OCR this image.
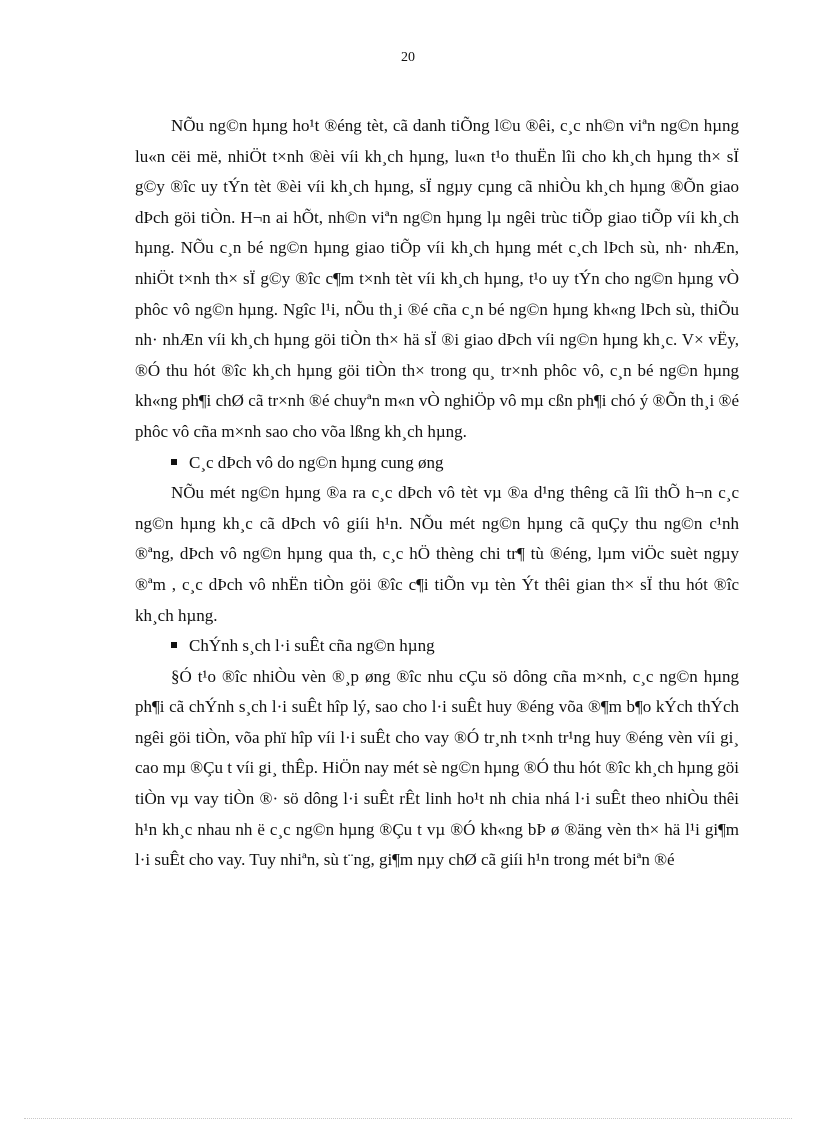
20

NÕu ng©n hµng ho¹t ®éng tèt, cã danh tiÕng l©u ®êi, c¸c nh©n viªn ng©n hµng lu«n cëi më, nhiÖt t×nh ®èi víi kh¸ch hµng, lu«n t¹o thuËn lîi cho kh¸ch hµng th× sÏ g©y ®îc uy tÝn tèt ®èi víi kh¸ch hµng, sÏ ngµy cµng cã nhiÒu kh¸ch hµng ®Õn giao dÞch göi tiÒn. H¬n ai hÕt, nh©n viªn ng©n hµng lµ ngêi trùc tiÕp giao tiÕp víi kh¸ch hµng. NÕu c¸n bé ng©n hµng giao tiÕp víi kh¸ch hµng mét c¸ch lÞch sù, nh· nhÆn, nhiÖt t×nh th× sÏ g©y ®îc c¶m t×nh tèt víi kh¸ch hµng, t¹o uy tÝn cho ng©n hµng vÒ phôc vô ng©n hµng. Ngîc l¹i, nÕu th¸i ®é cña c¸n bé ng©n hµng kh«ng lÞch sù, thiÕu nh· nhÆn víi kh¸ch hµng göi tiÒn th× hä sÏ ®i giao dÞch víi ng©n hµng kh¸c. V× vËy, ®Ó thu hót ®îc kh¸ch hµng göi tiÒn th× trong qu¸ tr×nh phôc vô, c¸n bé ng©n hµng kh«ng ph¶i chØ cã tr×nh ®é chuyªn m«n vÒ nghiÖp vô mµ cßn ph¶i chó ý ®Õn th¸i ®é phôc vô cña m×nh sao cho võa lßng kh¸ch hµng.

C¸c dÞch vô do ng©n hµng cung øng

NÕu mét ng©n hµng ®a ra c¸c dÞch vô tèt vµ ®a d¹ng thêng cã lîi thÕ h¬n c¸c ng©n hµng kh¸c cã dÞch vô giíi h¹n. NÕu mét ng©n hµng cã quÇy thu ng©n c¹nh ®ªng, dÞch vô ng©n hµng qua th, c¸c hÖ thèng chi tr¶ tù ®éng, lµm viÖc suèt ngµy ®ªm , c¸c dÞch vô nhËn tiÒn göi ®îc c¶i tiÕn vµ tèn Ýt thêi gian th× sÏ thu hót ®îc kh¸ch hµng.

ChÝnh s¸ch l·i suÊt cña ng©n hµng

§Ó t¹o ®îc nhiÒu vèn ®¸p øng ®îc nhu cÇu sö dông cña m×nh, c¸c ng©n hµng ph¶i cã chÝnh s¸ch l·i suÊt hîp lý, sao cho l·i suÊt huy ®éng võa ®¶m b¶o kÝch thÝch ngêi göi tiÒn, võa phï hîp víi l·i suÊt cho vay ®Ó tr¸nh t×nh tr¹ng huy ®éng vèn víi gi¸ cao mµ ®Çu t víi gi¸ thÊp. HiÖn nay mét sè ng©n hµng ®Ó thu hót ®îc kh¸ch hµng göi tiÒn vµ vay tiÒn ®· sö dông l·i suÊt rÊt linh ho¹t nh chia nhá l·i suÊt theo nhiÒu thêi h¹n kh¸c nhau nh ë c¸c ng©n hµng ®Çu t vµ ®Ó kh«ng bÞ ø ®äng vèn th× hä l¹i gi¶m l·i suÊt cho vay. Tuy nhiªn, sù t¨ng, gi¶m nµy chØ cã giíi h¹n trong mét biªn ®é
